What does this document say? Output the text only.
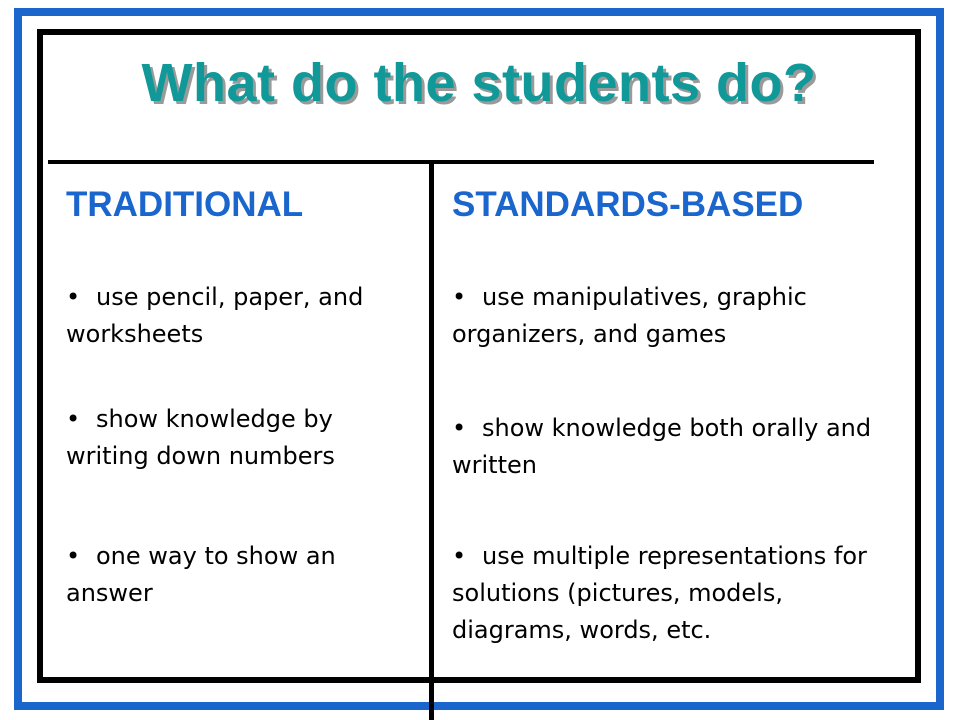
What do the students do?
TRADITIONAL

• use pencil, paper, and worksheets

• show knowledge by writing down numbers

• one way to show an answer

STANDARDS-BASED

• use manipulatives, graphic organizers, and games

• show knowledge both orally and written

• use multiple representations for solutions (pictures, models, diagrams, words, etc.
